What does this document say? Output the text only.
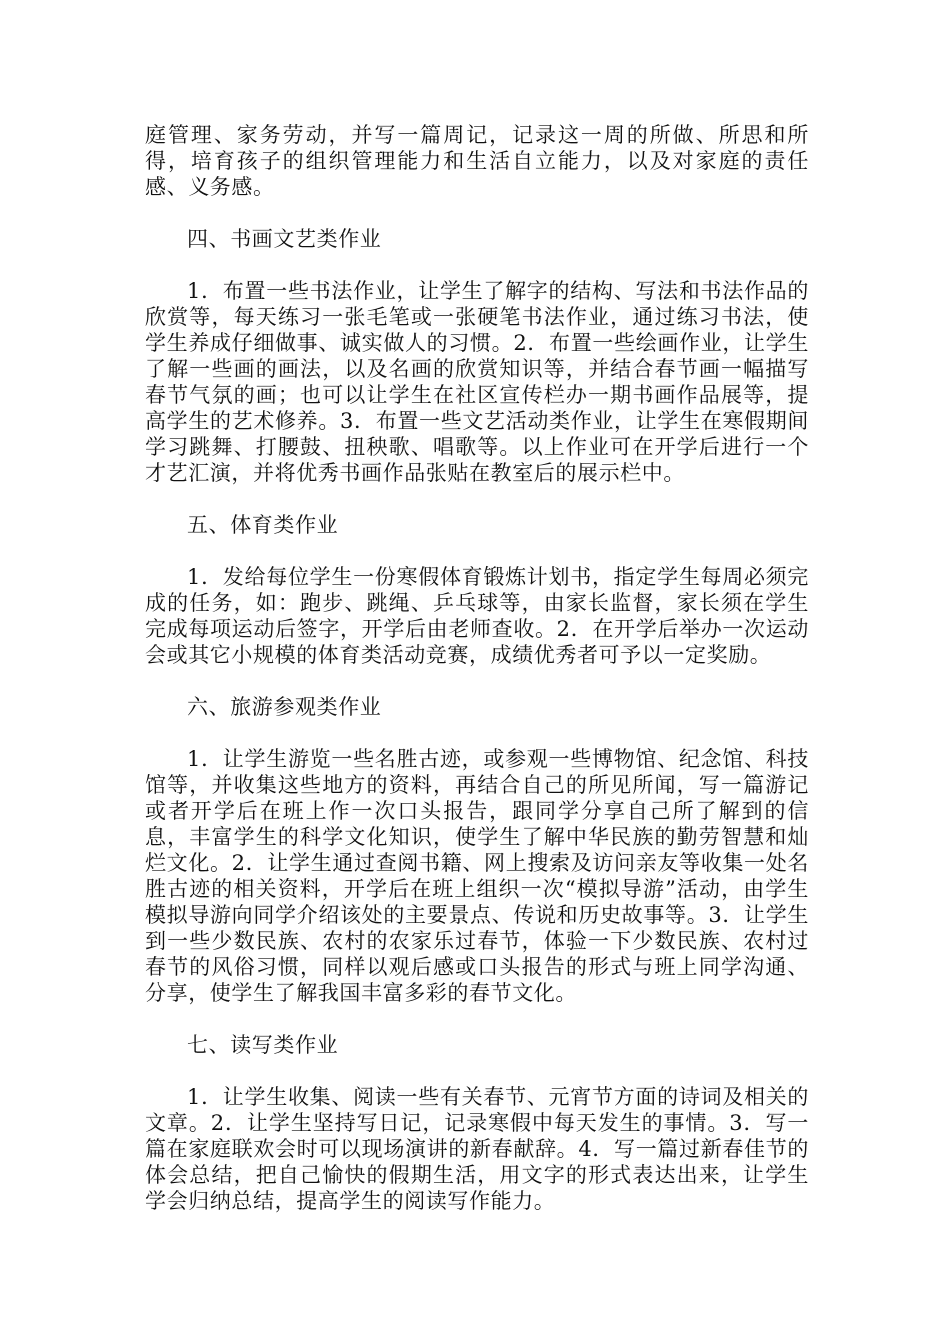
庭管理、家务劳动，并写一篇周记，记录这一周的所做、所思和所得，培育孩子的组织管理能力和生活自立能力，以及对家庭的责任感、义务感。

四、书画文艺类作业

1．布置一些书法作业，让学生了解字的结构、写法和书法作品的欣赏等，每天练习一张毛笔或一张硬笔书法作业，通过练习书法，使学生养成仔细做事、诚实做人的习惯。2．布置一些绘画作业，让学生了解一些画的画法，以及名画的欣赏知识等，并结合春节画一幅描写春节气氛的画；也可以让学生在社区宣传栏办一期书画作品展等，提高学生的艺术修养。3．布置一些文艺活动类作业，让学生在寒假期间学习跳舞、打腰鼓、扭秧歌、唱歌等。以上作业可在开学后进行一个才艺汇演，并将优秀书画作品张贴在教室后的展示栏中。

五、体育类作业

1．发给每位学生一份寒假体育锻炼计划书，指定学生每周必须完成的任务，如：跑步、跳绳、乒乓球等，由家长监督，家长须在学生完成每项运动后签字，开学后由老师查收。2．在开学后举办一次运动会或其它小规模的体育类活动竞赛，成绩优秀者可予以一定奖励。

六、旅游参观类作业

1．让学生游览一些名胜古迹，或参观一些博物馆、纪念馆、科技馆等，并收集这些地方的资料，再结合自己的所见所闻，写一篇游记或者开学后在班上作一次口头报告，跟同学分享自己所了解到的信息，丰富学生的科学文化知识，使学生了解中华民族的勤劳智慧和灿烂文化。2．让学生通过查阅书籍、网上搜索及访问亲友等收集一处名胜古迹的相关资料，开学后在班上组织一次“模拟导游”活动，由学生模拟导游向同学介绍该处的主要景点、传说和历史故事等。3．让学生到一些少数民族、农村的农家乐过春节，体验一下少数民族、农村过春节的风俗习惯，同样以观后感或口头报告的形式与班上同学沟通、分享，使学生了解我国丰富多彩的春节文化。

七、读写类作业

1．让学生收集、阅读一些有关春节、元宵节方面的诗词及相关的文章。2．让学生坚持写日记，记录寒假中每天发生的事情。3．写一篇在家庭联欢会时可以现场演讲的新春献辞。4．写一篇过新春佳节的体会总结，把自己愉快的假期生活，用文字的形式表达出来，让学生学会归纳总结，提高学生的阅读写作能力。
